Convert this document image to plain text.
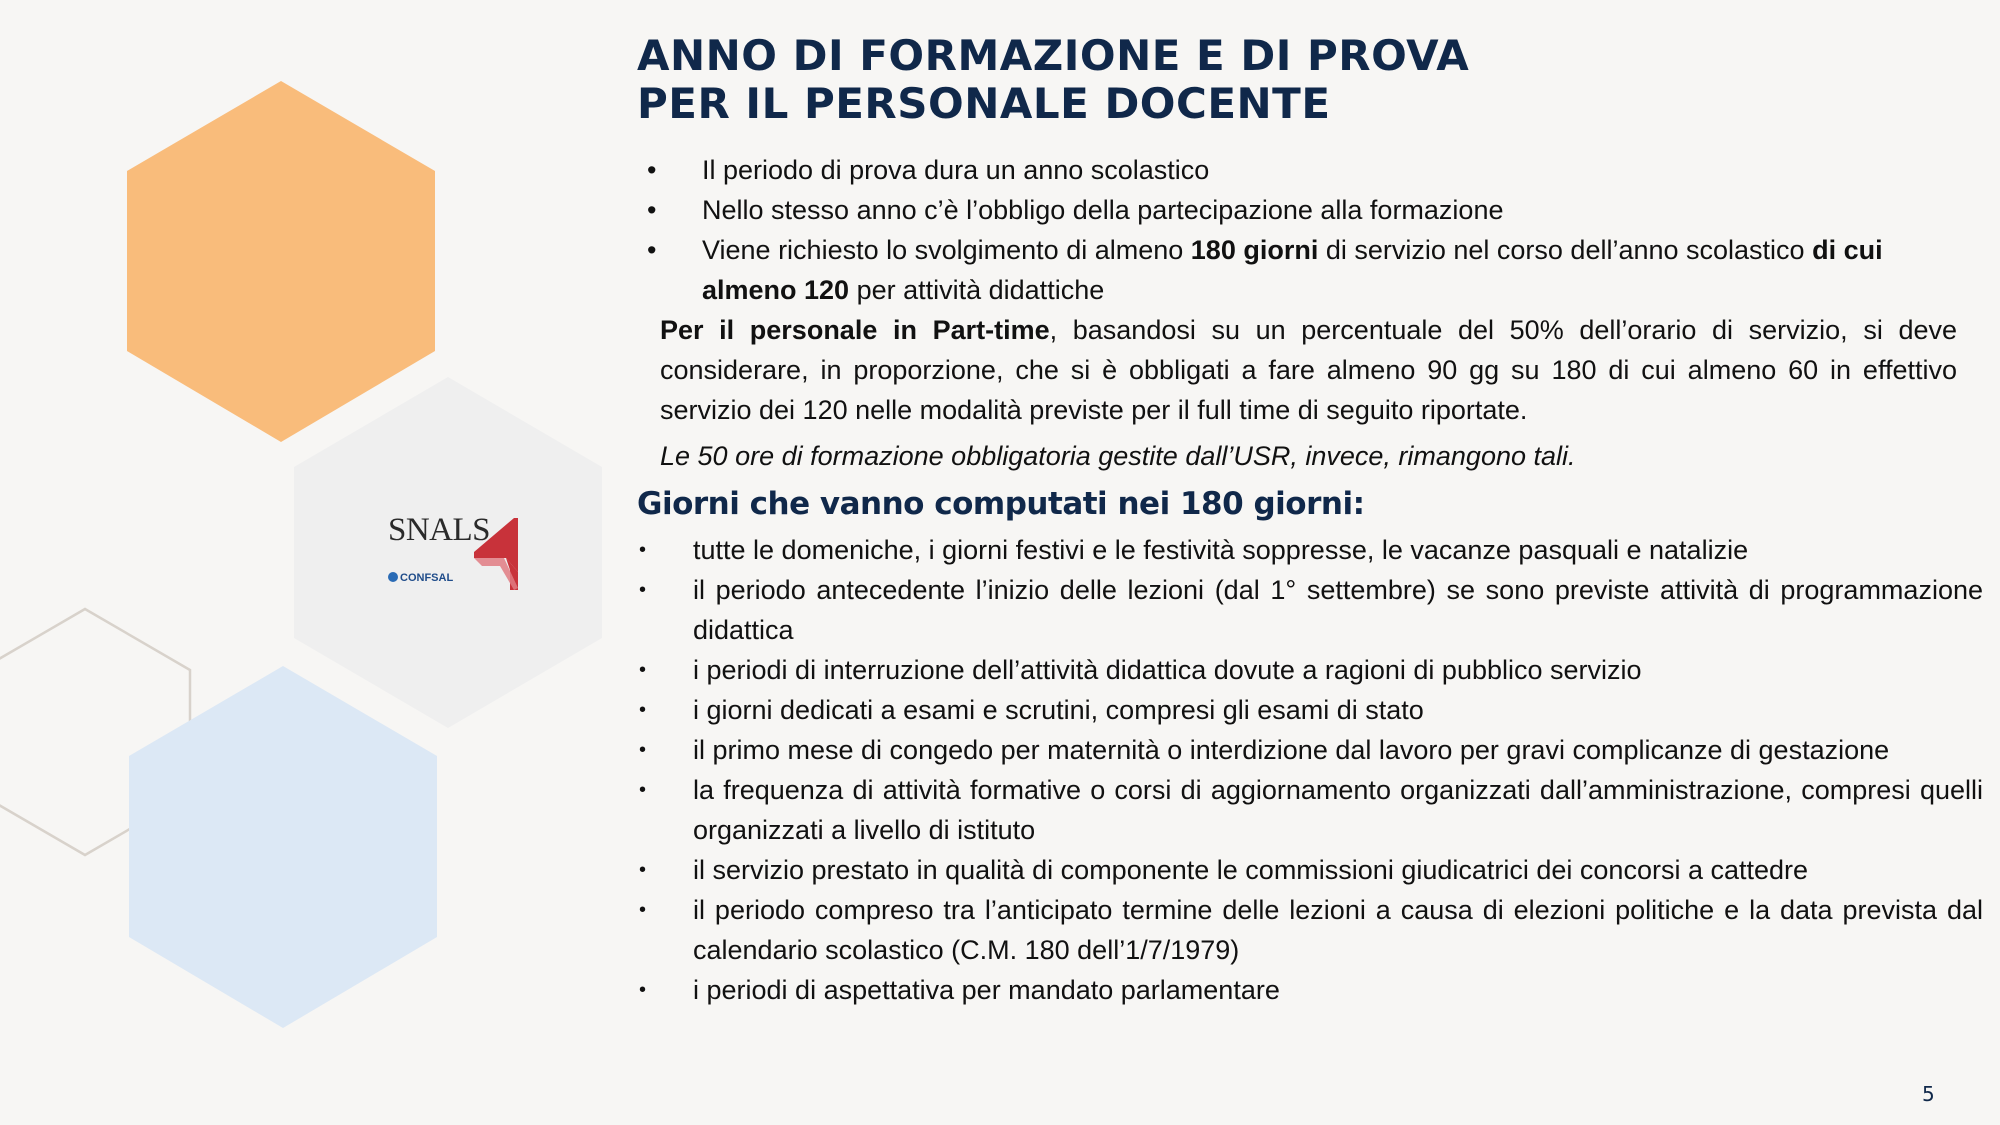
SNALS
CONFSAL
ANNO DI FORMAZIONE E DI PROVA
PER IL PERSONALE DOCENTE
• Il periodo di prova dura un anno scolastico
• Nello stesso anno c’è l’obbligo della partecipazione alla formazione
• Viene richiesto lo svolgimento di almeno 180 giorni di servizio nel corso dell’anno scolastico di cui almeno 120 per attività didattiche

Per il personale in Part-time, basandosi su un percentuale del 50% dell’orario di servizio, si deve considerare, in proporzione, che si è obbligati a fare almeno 90 gg su 180 di cui almeno 60 in effettivo servizio dei 120 nelle modalità previste per il full time di seguito riportate.

Le 50 ore di formazione obbligatoria gestite dall’USR, invece, rimangono tali.

Giorni che vanno computati nei 180 giorni:
• tutte le domeniche, i giorni festivi e le festività soppresse, le vacanze pasquali e natalizie
• il periodo antecedente l’inizio delle lezioni (dal 1° settembre) se sono previste attività di programmazione didattica
• i periodi di interruzione dell’attività didattica dovute a ragioni di pubblico servizio
• i giorni dedicati a esami e scrutini, compresi gli esami di stato
• il primo mese di congedo per maternità o interdizione dal lavoro per gravi complicanze di gestazione
• la frequenza di attività formative o corsi di aggiornamento organizzati dall’amministrazione, compresi quelli organizzati a livello di istituto
• il servizio prestato in qualità di componente le commissioni giudicatrici dei concorsi a cattedre
• il periodo compreso tra l’anticipato termine delle lezioni a causa di elezioni politiche e la data prevista dal calendario scolastico (C.M. 180 dell’1/7/1979)
• i periodi di aspettativa per mandato parlamentare
5
